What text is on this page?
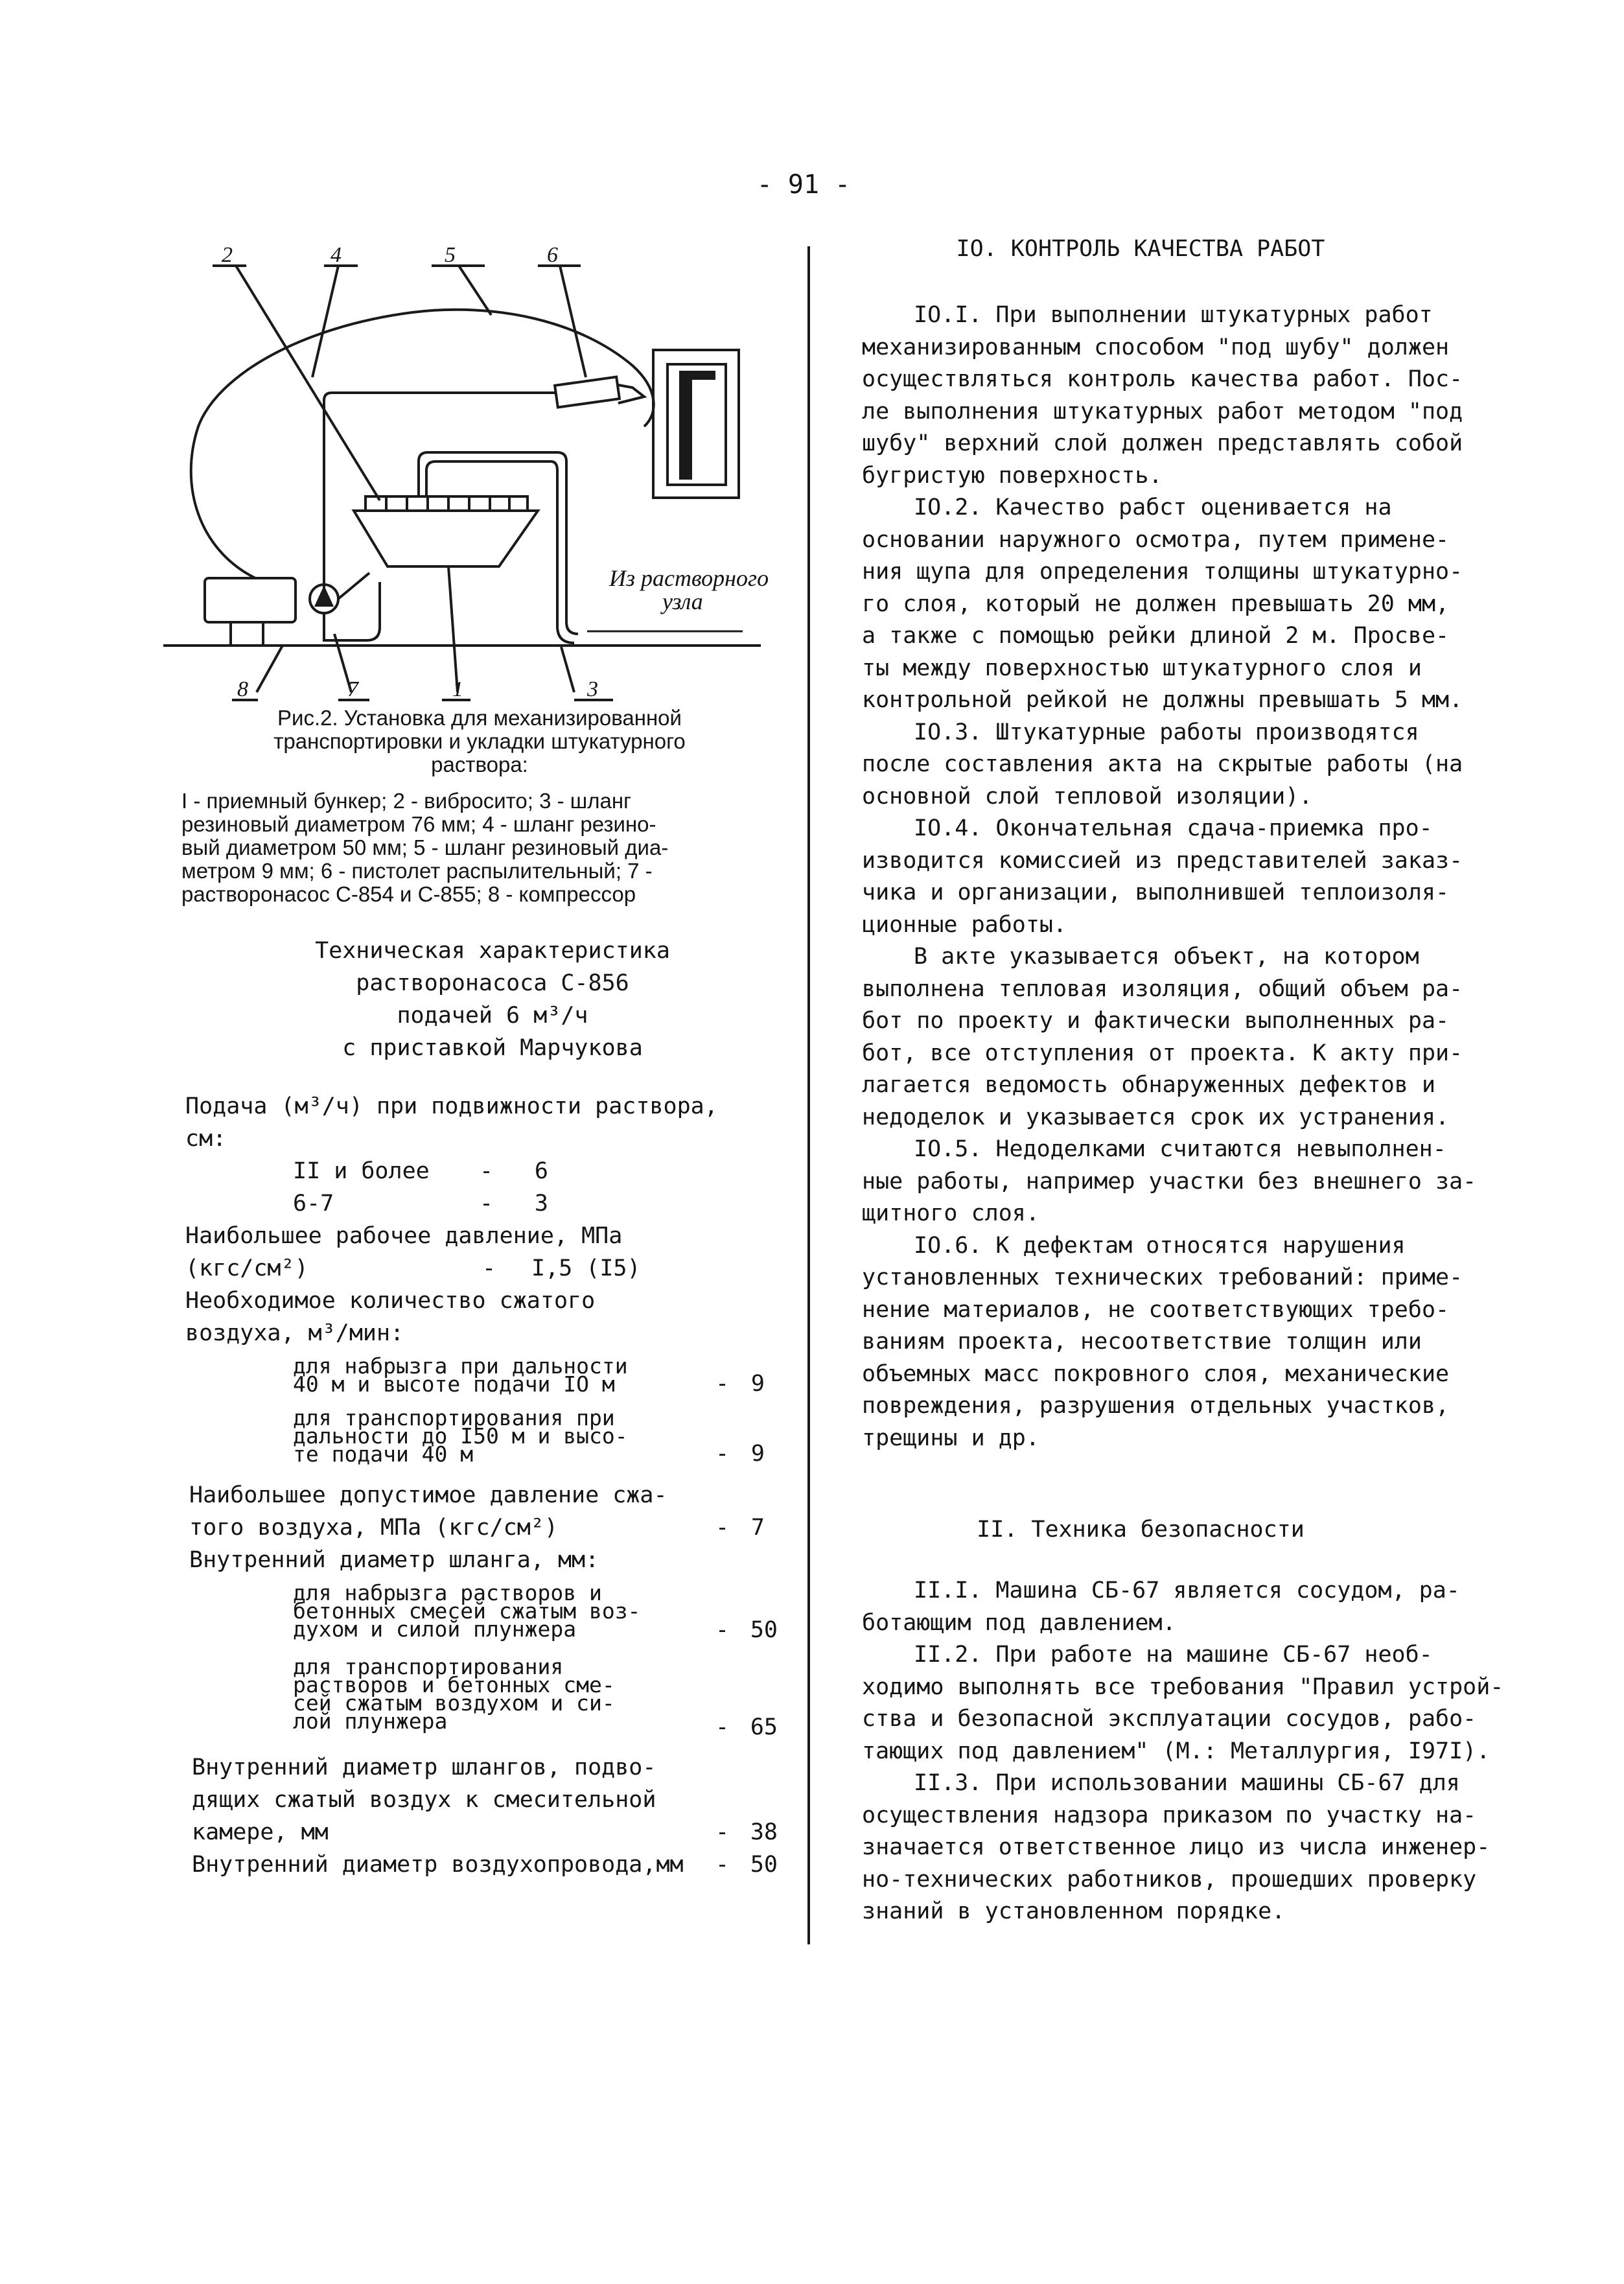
- 91 -
2	4	5	6
8	7	1	3
Из растворного
узла
Рис.2. Установка для механизированной
транспортировки и укладки штукатурного
раствора:
I - приемный бункер; 2 - вибросито; 3 - шланг
резиновый диаметром 76 мм; 4 - шланг резино-
вый диаметром 50 мм; 5 - шланг резиновый диа-
метром 9 мм; 6 - пистолет распылительный; 7 -
растворонасос С-854 и С-855; 8 - компрессор
Техническая характеристика
растворонасоса С-856
подачей 6 м³/ч
с приставкой Марчукова
Подача (м³/ч) при подвижности раствора,
см:
II и более -	6
6-7	-	3
Наибольшее рабочее давление, МПа
(кгс/см²)	- I,5 (I5)
Необходимое количество сжатого
воздуха, м³/мин:
для набрызга при дальности
40 м и высоте подачи IО м	- 9
для транспортирования при
дальности до I50 м и высо-
те подачи 40 м	- 9
Наибольшее допустимое давление сжа-
того воздуха, МПа (кгс/см²)	- 7
Внутренний диаметр шланга, мм:
для набрызга растворов и
бетонных смесей сжатым воз-
духом и силой плунжера	- 50
для транспортирования
растворов и бетонных сме-
сей сжатым воздухом и си-
лой плунжера	- 65
Внутренний диаметр шлангов, подво-
дящих сжатый воздух к смесительной
камере, мм	- 38
Внутренний диаметр воздухопровода,мм - 50
IО. КОНТРОЛЬ КАЧЕСТВА РАБОТ
IО.I. При выполнении штукатурных работ
механизированным способом "под шубу" должен
осуществляться контроль качества работ. Пос-
ле выполнения штукатурных работ методом "под
шубу" верхний слой должен представлять собой
бугристую поверхность.
IО.2. Качество рабст оценивается на
основании наружного осмотра, путем примене-
ния щупа для определения толщины штукатурно-
го слоя, который не должен превышать 20 мм,
а также с помощью рейки длиной 2 м. Просве-
ты между поверхностью штукатурного слоя и
контрольной рейкой не должны превышать 5 мм.
IО.3. Штукатурные работы производятся
после составления акта на скрытые работы (на
основной слой тепловой изоляции).
IО.4. Окончательная сдача-приемка про-
изводится комиссией из представителей заказ-
чика и организации, выполнившей теплоизоля-
ционные работы.
В акте указывается объект, на котором
выполнена тепловая изоляция, общий объем ра-
бот по проекту и фактически выполненных ра-
бот, все отступления от проекта. К акту при-
лагается ведомость обнаруженных дефектов и
недоделок и указывается срок их устранения.
IО.5. Недоделками считаются невыполнен-
ные работы, например участки без внешнего за-
щитного слоя.
IО.6. К дефектам относятся нарушения
установленных технических требований: приме-
нение материалов, не соответствующих требо-
ваниям проекта, несоответствие толщин или
объемных масс покровного слоя, механические
повреждения, разрушения отдельных участков,
трещины и др.
II. Техника безопасности
II.I. Машина СБ-67 является сосудом, ра-
ботающим под давлением.
II.2. При работе на машине СБ-67 необ-
ходимо выполнять все требования "Правил устрой-
ства и безопасной эксплуатации сосудов, рабо-
тающих под давлением" (М.: Металлургия, I97I).
II.3. При использовании машины СБ-67 для
осуществления надзора приказом по участку на-
значается ответственное лицо из числа инженер-
но-технических работников, прошедших проверку
знаний в установленном порядке.
